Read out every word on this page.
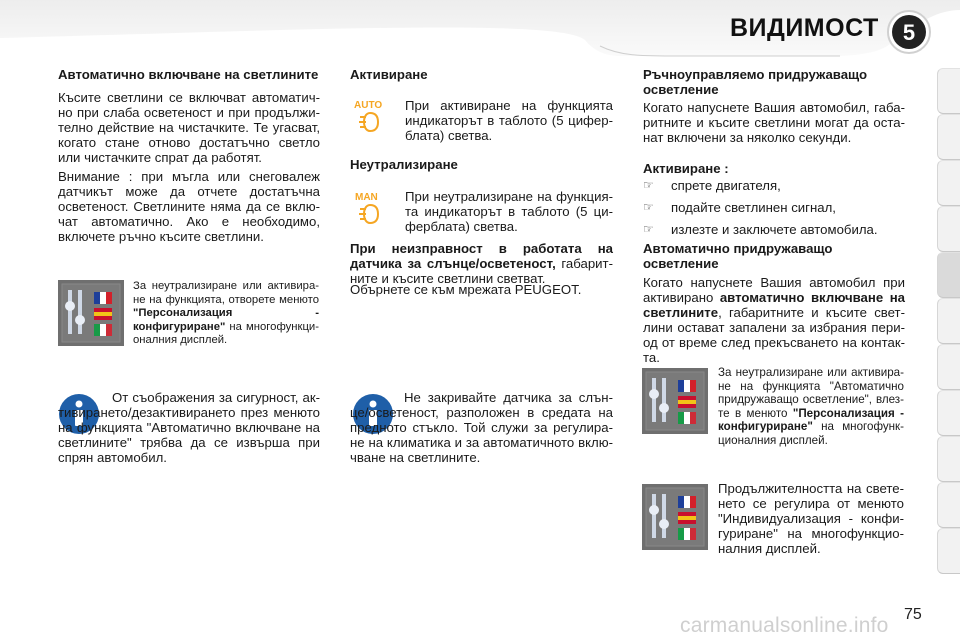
ВИДИМОСТ 5

Автоматично включване на светлините

Късите светлини се включват автоматично при слаба осветеност и при продължително действие на чистачките. Те угасват, когато стане отново достатъчно светло или чистачките спрат да работят.

Внимание : при мъгла или снеговалеж датчикът може да отчете достатъчна осветеност. Светлините няма да се включат автоматично. Ако е необходимо, включете ръчно късите светлини.

За неутрализиране или активиране на функцията, отворете менюто "Персонализация - конфигуриране" на многофункционалния дисплей.

От съображения за сигурност, активирането/дезактивирането през менюто на функцията "Автоматично включване на светлините" трябва да се извърша при спрян автомобил.

Активиране

AUTO При активиране на функцията индикаторът в таблото (5 циферблата) светва.

Неутрализиране

MAN При неутрализиране на функцията индикаторът в таблото (5 циферблата) светва.

При неизправност в работата на датчика за слънце/осветеност, габаритните и късите светлини светват.

Обърнете се към мрежата PEUGEOT.

Не закривайте датчика за слънце/осветеност, разположен в средата на предното стъкло. Той служи за регулиране на климатика и за автоматичното включване на светлините.

Ръчноуправляемо придружаващо осветление

Когато напуснете Вашия автомобил, габаритните и късите светлини могат да останат включени за няколко секунди.

Активиране :

☞ спрете двигателя,
☞ подайте светлинен сигнал,
☞ излезте и заключете автомобила.

Автоматично придружаващо осветление

Когато напуснете Вашия автомобил при активирано автоматично включване на светлините, габаритните и късите светлини остават запалени за избрания период от време след прекъсването на контакта.

За неутрализиране или активиране на функцията "Автоматично придружаващо осветление", влезте в менюто "Персонализация - конфигуриране" на многофункционалния дисплей.

Продължителността на светенето се регулира от менюто "Индивидуализация - конфигуриране" на многофункционалния дисплей.

carmanualsonline.info 75
